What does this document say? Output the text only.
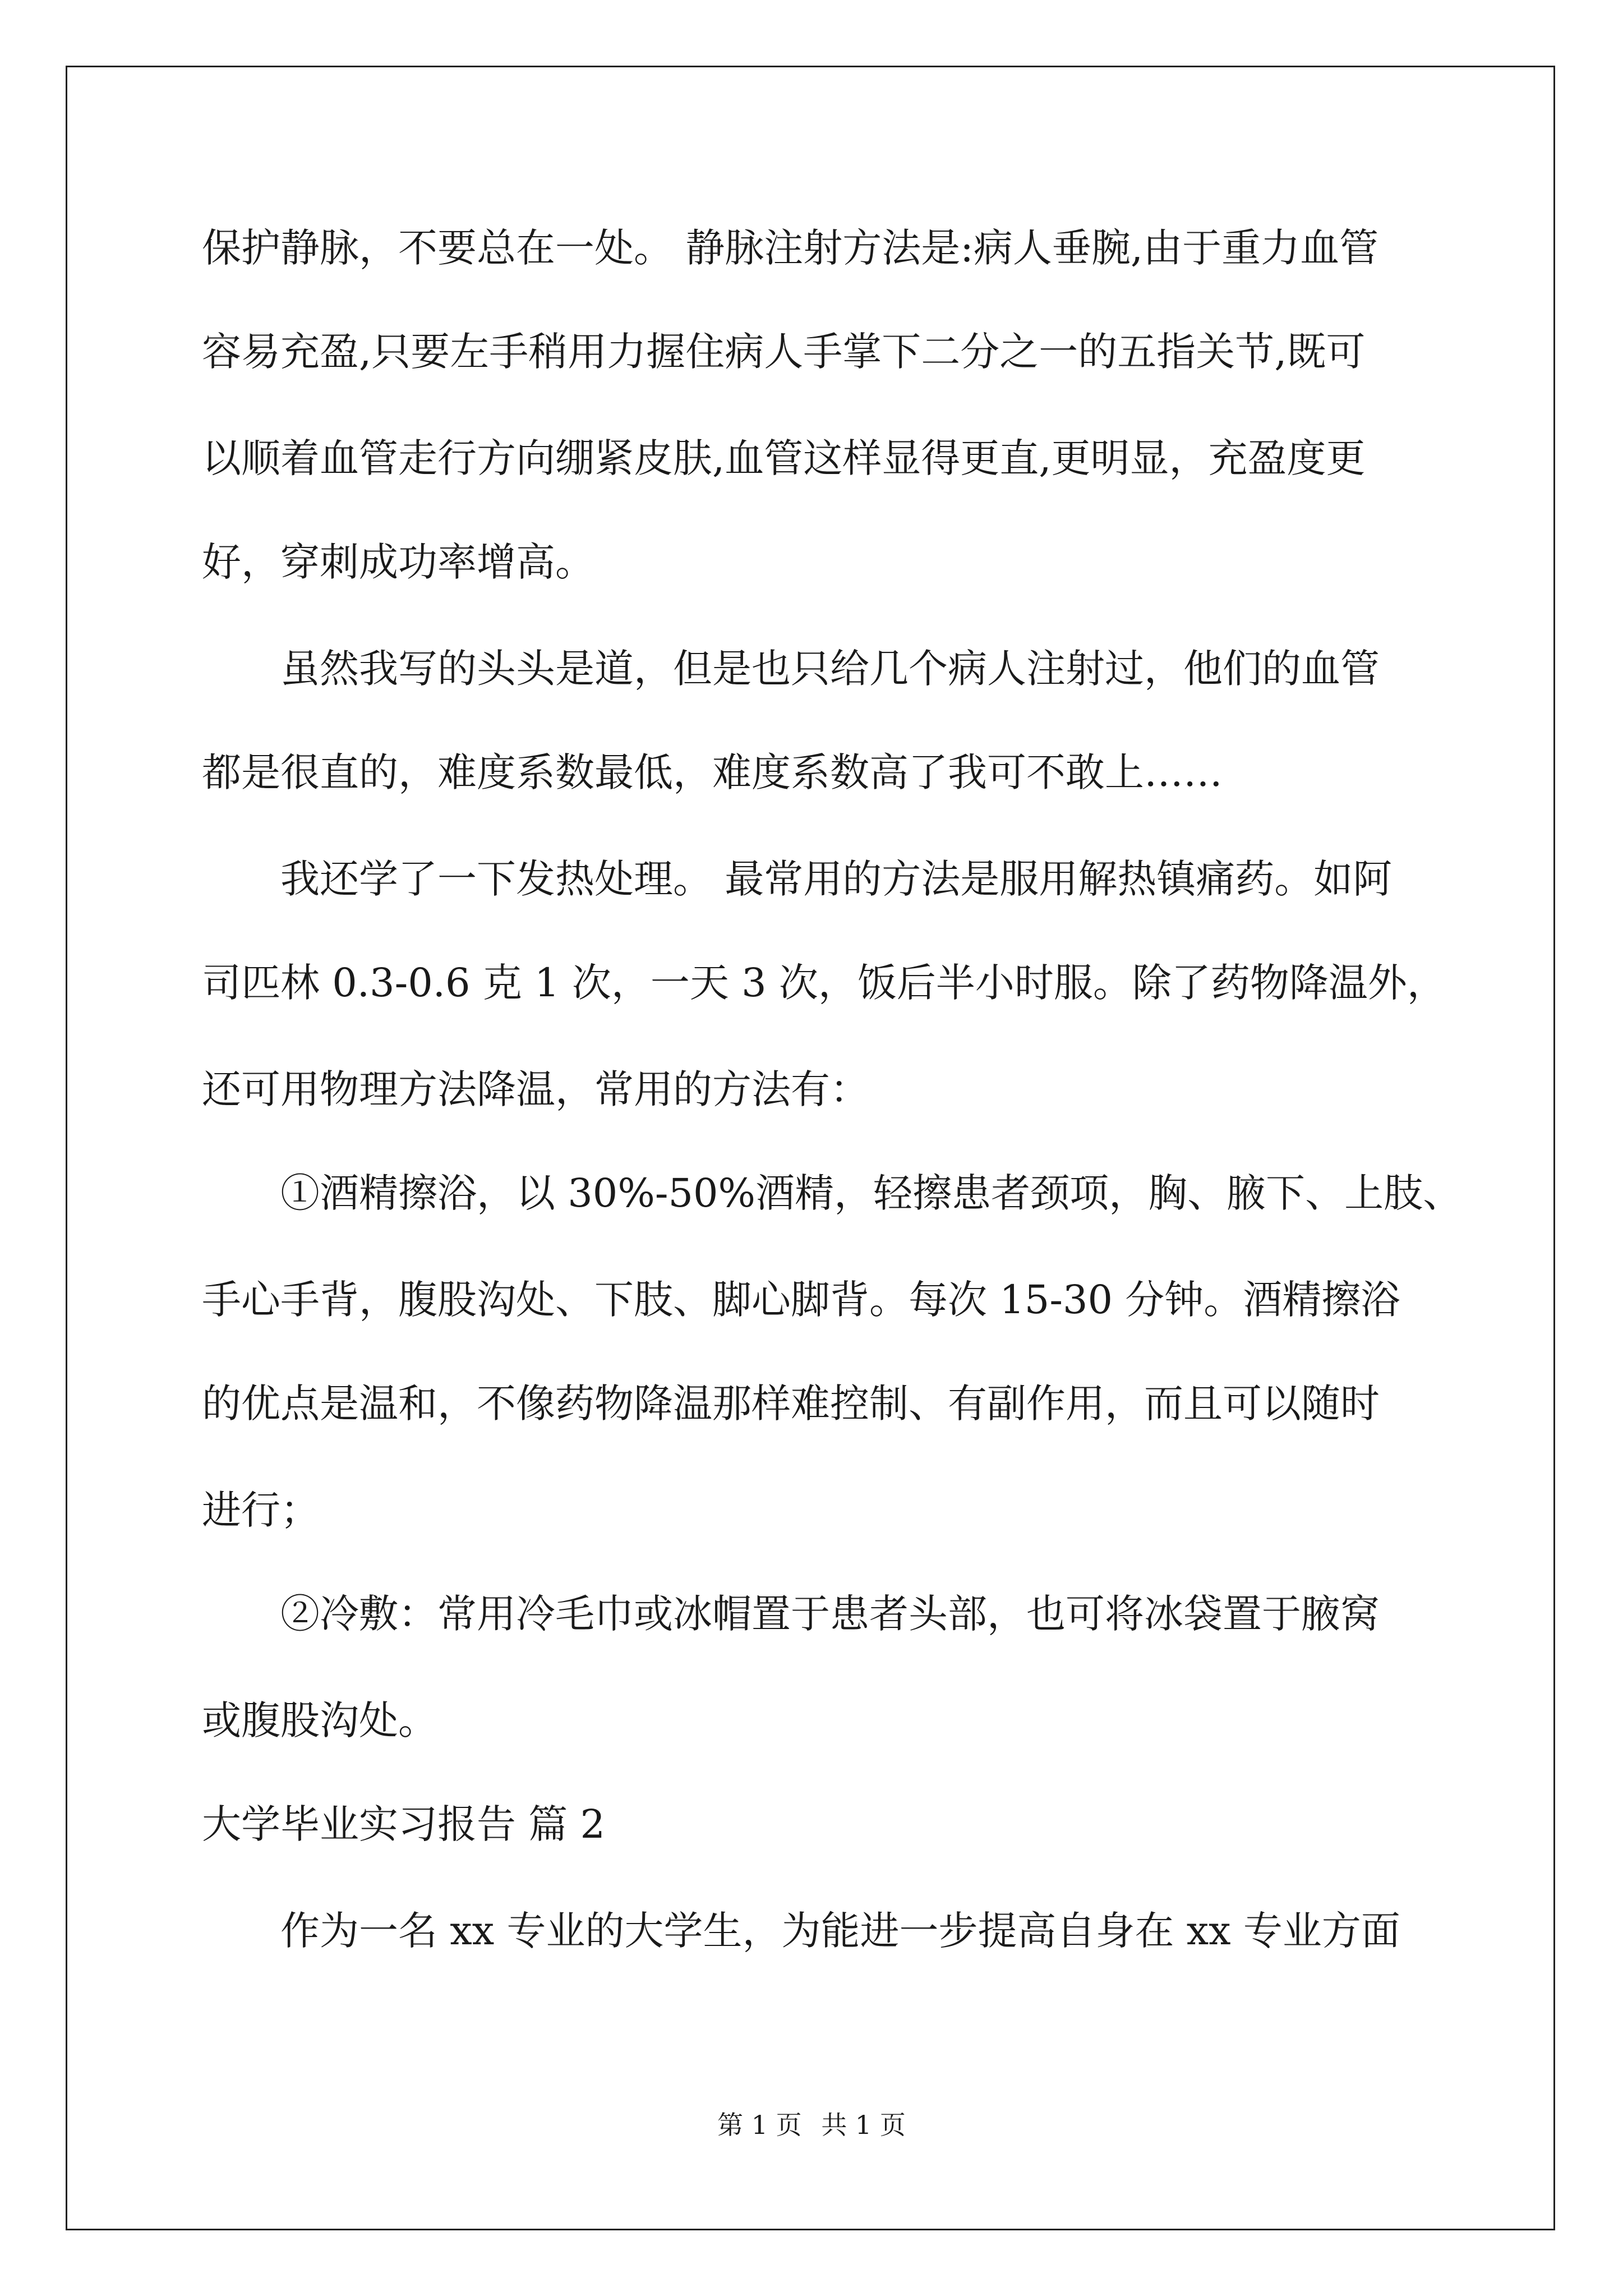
保护静脉，不要总在一处。 静脉注射方法是:病人垂腕,由于重力血管
容易充盈,只要左手稍用力握住病人手掌下二分之一的五指关节,既可
以顺着血管走行方向绷紧皮肤,血管这样显得更直,更明显，充盈度更
好，穿刺成功率增高。
虽然我写的头头是道，但是也只给几个病人注射过，他们的血管
都是很直的，难度系数最低，难度系数高了我可不敢上……
我还学了一下发热处理。 最常用的方法是服用解热镇痛药。如阿
司匹林 0.3-0.6 克 1 次，一天 3 次，饭后半小时服。除了药物降温外，
还可用物理方法降温，常用的方法有：
①酒精擦浴，以 30%-50%酒精，轻擦患者颈项，胸、腋下、上肢、
手心手背，腹股沟处、下肢、脚心脚背。每次 15-30 分钟。酒精擦浴
的优点是温和，不像药物降温那样难控制、有副作用，而且可以随时
进行；
②冷敷：常用冷毛巾或冰帽置于患者头部，也可将冰袋置于腋窝
或腹股沟处。
大学毕业实习报告 篇 2
作为一名 xx 专业的大学生，为能进一步提高自身在 xx 专业方面
第 1 页 共 1 页
